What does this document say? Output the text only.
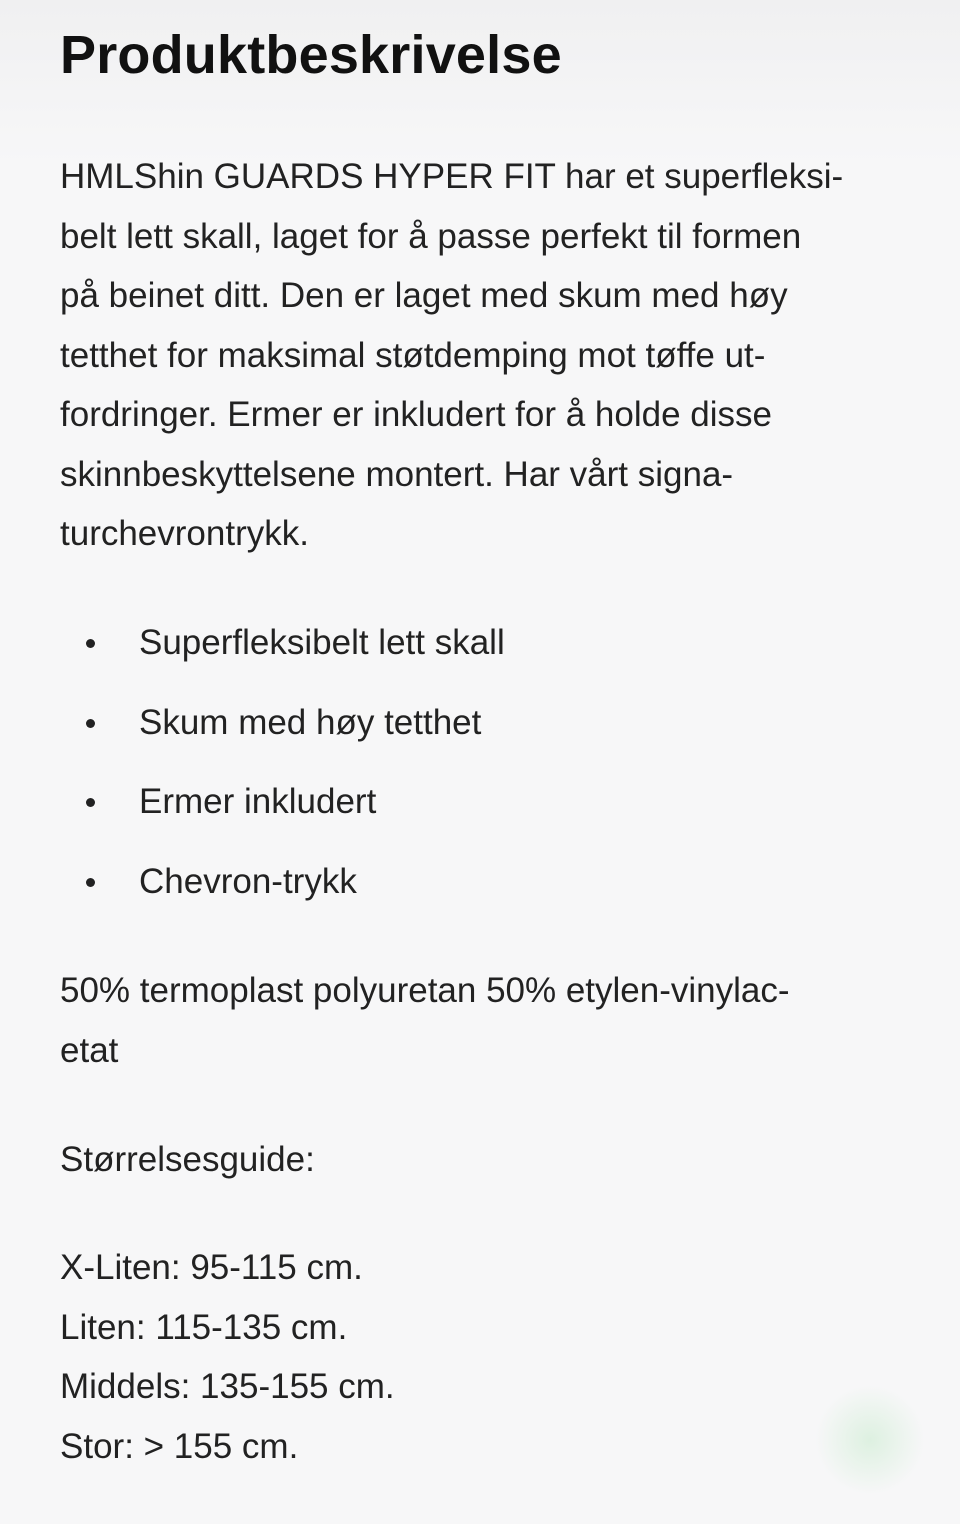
Produktbeskrivelse
HMLShin GUARDS HYPER FIT har et superfleksi-
belt lett skall, laget for å passe perfekt til formen
på beinet ditt. Den er laget med skum med høy
tetthet for maksimal støtdemping mot tøffe ut-
fordringer. Ermer er inkludert for å holde disse
skinnbeskyttelsene montert. Har vårt signa-
turchevrontrykk.
Superfleksibelt lett skall
Skum med høy tetthet
Ermer inkludert
Chevron-trykk
50% termoplast polyuretan 50% etylen-vinylac-
etat
Størrelsesguide:
X-Liten: 95-115 cm.
Liten: 115-135 cm.
Middels: 135-155 cm.
Stor: > 155 cm.
